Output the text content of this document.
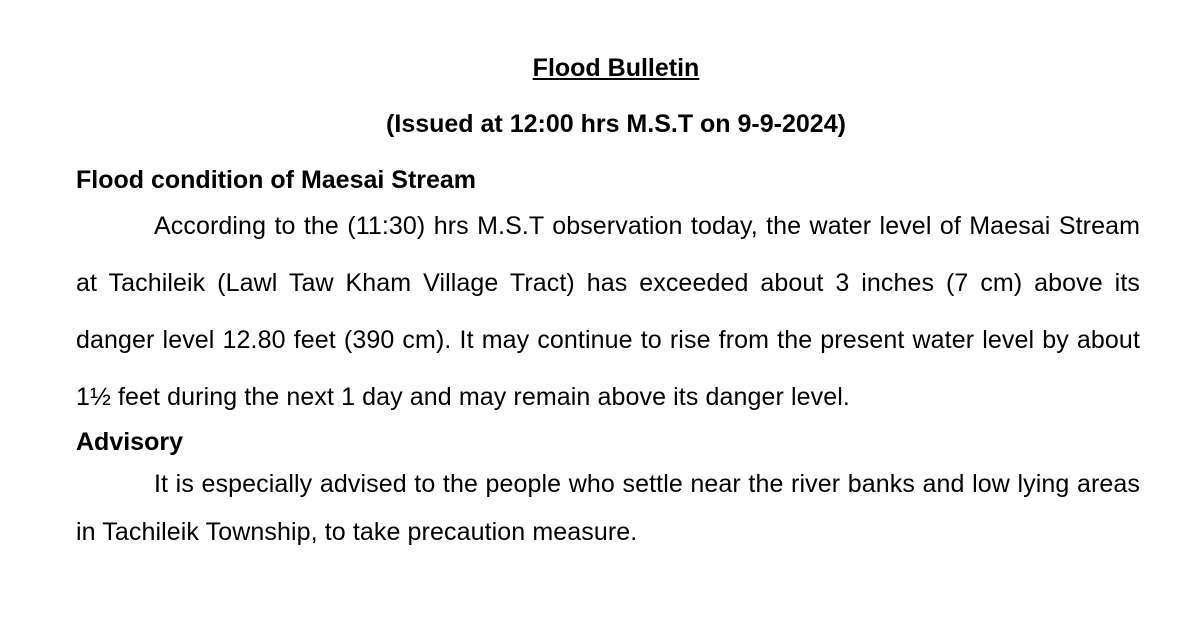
Flood Bulletin
(Issued at 12:00 hrs M.S.T on 9-9-2024)
Flood condition of Maesai Stream

According to the (11:30) hrs M.S.T observation today, the water level of Maesai Stream at Tachileik (Lawl Taw Kham Village Tract) has exceeded about 3 inches (7 cm) above its danger level 12.80 feet (390 cm). It may continue to rise from the present water level by about 1½ feet during the next 1 day and may remain above its danger level.

Advisory

It is especially advised to the people who settle near the river banks and low lying areas in Tachileik Township, to take precaution measure.
